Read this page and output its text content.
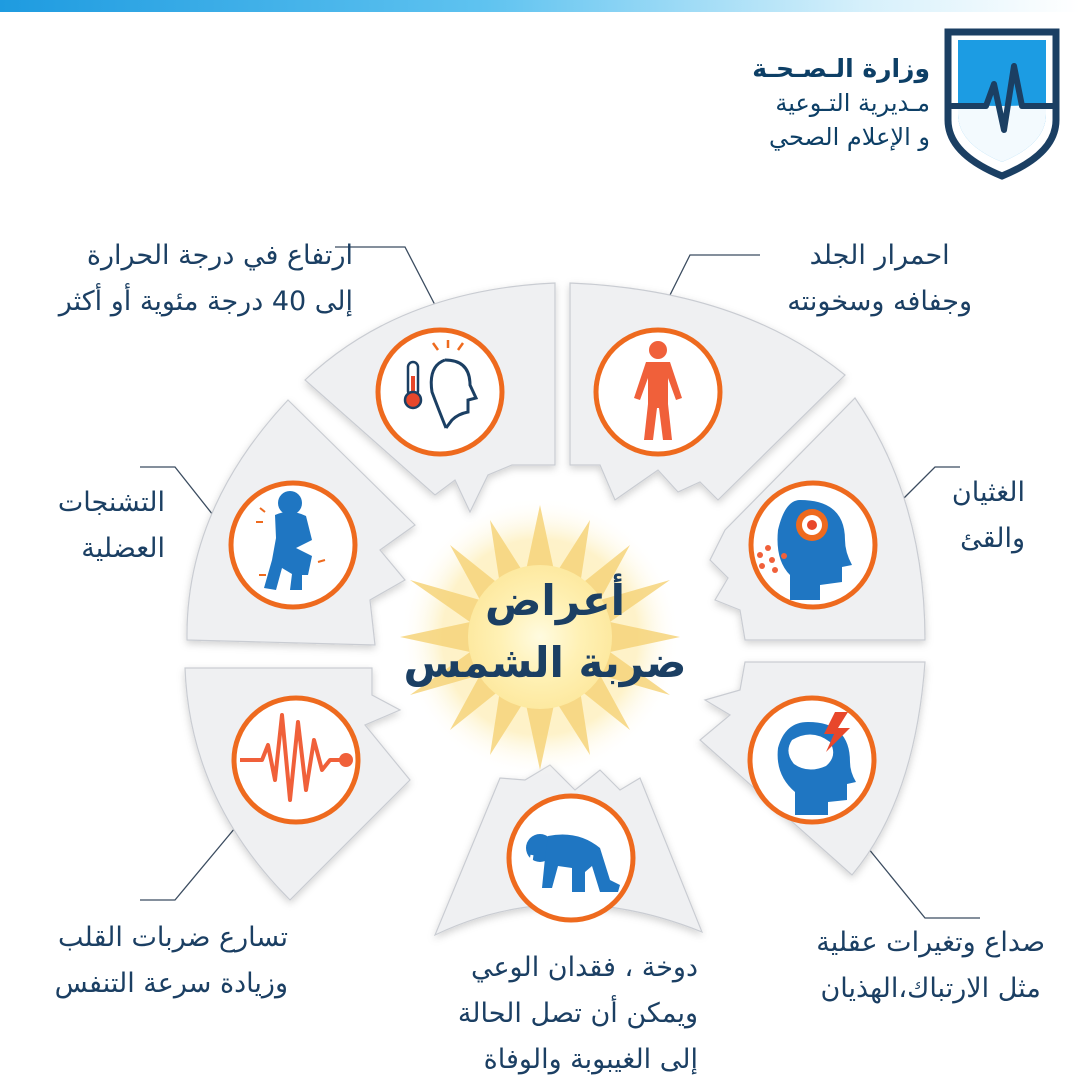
وزارة الـصـحـة
مـديرية التـوعية
و الإعلام الصحي
أعراض
ضربة الشمس
ارتفاع في درجة الحرارة
إلى 40 درجة مئوية أو أكثر
احمرار الجلد
وجفافه وسخونته
الغثيان
والقئ
صداع وتغيرات عقلية
مثل الارتباك،الهذيان
دوخة ، فقدان الوعي
ويمكن أن تصل الحالة
إلى الغيبوبة والوفاة
تسارع ضربات القلب
وزيادة سرعة التنفس
التشنجات
العضلية
